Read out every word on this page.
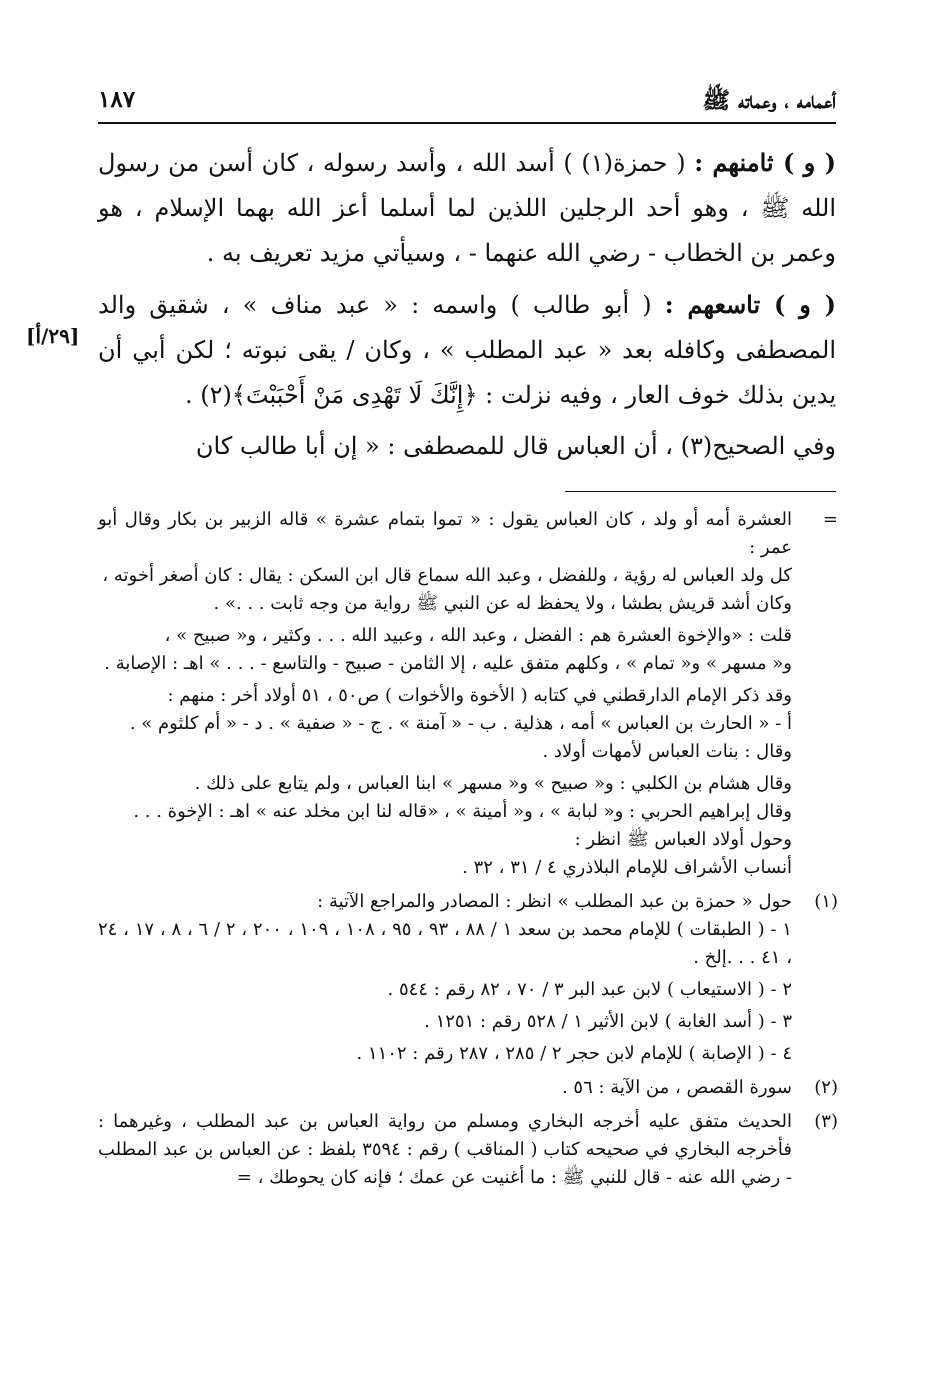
أعمامه ، وعماته ﷺ
١٨٧

( و ) ثامنهم : ( حمزة(١) ) أسد الله ، وأسد رسوله ، كان أسن من رسول الله ﷺ ، وهو أحد الرجلين اللذين لما أسلما أعز الله بهما الإسلام ، هو وعمر بن الخطاب - رضي الله عنهما - ، وسيأتي مزيد تعريف به .

( و ) تاسعهم : ( أبو طالب ) واسمه : « عبد مناف » ، شقيق والد المصطفى وكافله بعد « عبد المطلب » ، وكان / يقى نبوته ؛ لكن أبي أن يدين بذلك خوف العار ، وفيه نزلت : ﴿إِنَّكَ لَا تَهْدِى مَنْ أَحْبَبْتَ﴾(٢) .

وفي الصحيح(٣) ، أن العباس قال للمصطفى : « إن أبا طالب كان

[٢٩/أ]
=

العشرة أمه أو ولد ، كان العباس يقول : « تموا بتمام عشرة » قاله الزبير بن بكار وقال أبو عمر :

كل ولد العباس له رؤية ، وللفضل ، وعبد الله سماع قال ابن السكن : يقال : كان أصغر أخوته ،

وكان أشد قريش بطشا ، ولا يحفظ له عن النبي ﷺ رواية من وجه ثابت . . .» .

قلت : «والإخوة العشرة هم : الفضل ، وعبد الله ، وعبيد الله . . . وكثير ، و« صبيح » ،

و« مسهر » و« تمام » ، وكلهم متفق عليه ، إلا الثامن - صبيح - والتاسع - . . . » اهـ : الإصابة .

وقد ذكر الإمام الدارقطني في كتابه ( الأخوة والأخوات ) ص٥٠ ، ٥١ أولاد أخر : منهم :

أ - « الحارث بن العباس » أمه ، هذلية . ب - « آمنة » . ج - « صفية » . د - « أم كلثوم » .

وقال : بنات العباس لأمهات أولاد .

وقال هشام بن الكلبي : و« صبيح » و« مسهر » ابنا العباس ، ولم يتابع على ذلك .

وقال إبراهيم الحربي : و« لبابة » ، و« أمينة » ، «قاله لنا ابن مخلد عنه » اهـ : الإخوة . . .

وحول أولاد العباس ﷺ انظر :

أنساب الأشراف للإمام البلاذري ٤ / ٣١ ، ٣٢ .

(١)

حول « حمزة بن عبد المطلب » انظر : المصادر والمراجع الآتية :

١ - ( الطبقات ) للإمام محمد بن سعد ١ / ٨٨ ، ٩٣ ، ٩٥ ، ١٠٨ ، ١٠٩ ، ٢٠٠ ، ٢ / ٦ ، ٨ ، ١٧ ، ٢٤ ، ٤١ . . .إلخ .

٢ - ( الاستيعاب ) لابن عبد البر ٣ / ٧٠ ، ٨٢ رقم : ٥٤٤ .

٣ - ( أسد الغابة ) لابن الأثير ١ / ٥٢٨ رقم : ١٢٥١ .

٤ - ( الإصابة ) للإمام لابن حجر ٢ / ٢٨٥ ، ٢٨٧ رقم : ١١٠٢ .

(٢)

سورة القصص ، من الآية : ٥٦ .

(٣)

الحديث متفق عليه أخرجه البخاري ومسلم من رواية العباس بن عبد المطلب ، وغيرهما : فأخرجه البخاري في صحيحه كتاب ( المناقب ) رقم : ٣٥٩٤ بلفظ : عن العباس بن عبد المطلب - رضي الله عنه - قال للنبي ﷺ : ما أغنيت عن عمك ؛ فإنه كان يحوطك ، =
